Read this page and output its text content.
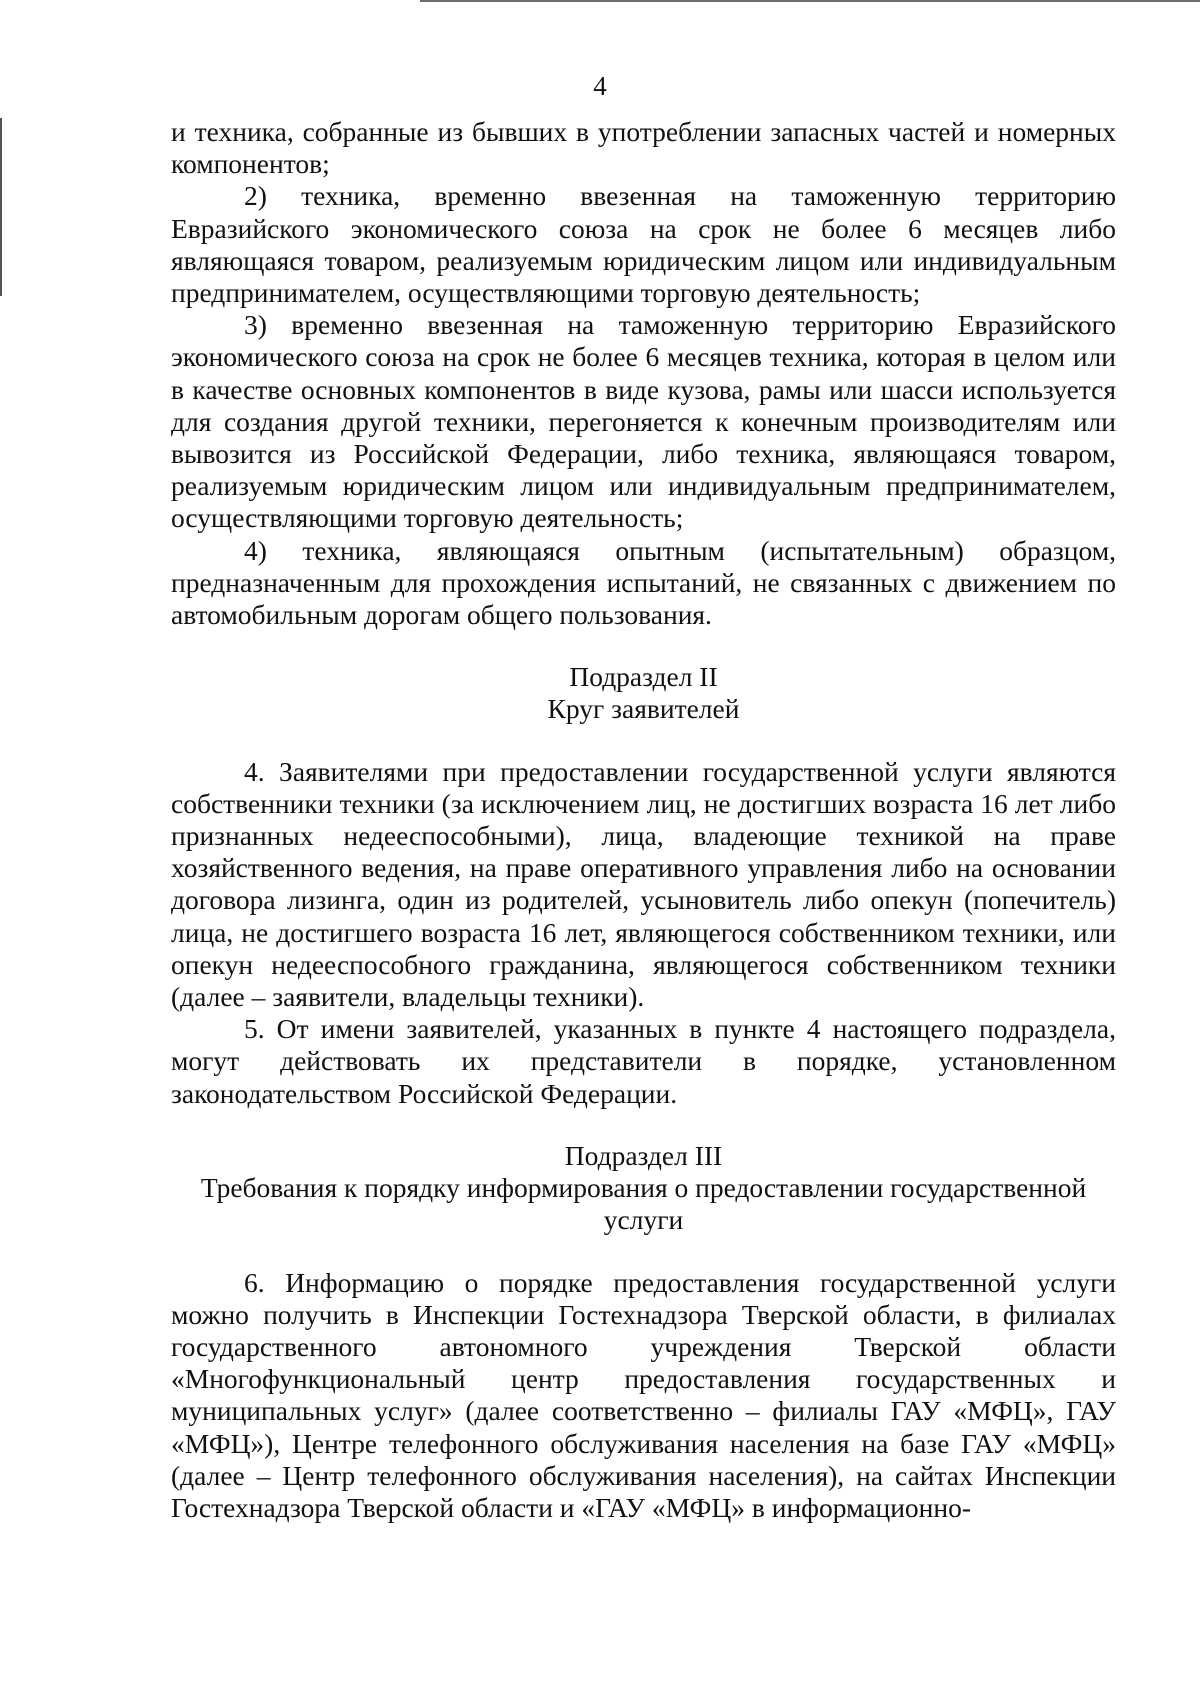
4

и техника, собранные из бывших в употреблении запасных частей и номерных компонентов;

2) техника, временно ввезенная на таможенную территорию Евразийского экономического союза на срок не более 6 месяцев либо являющаяся товаром, реализуемым юридическим лицом или индивидуальным предпринимателем, осуществляющими торговую деятельность;

3) временно ввезенная на таможенную территорию Евразийского экономического союза на срок не более 6 месяцев техника, которая в целом или в качестве основных компонентов в виде кузова, рамы или шасси используется для создания другой техники, перегоняется к конечным производителям или вывозится из Российской Федерации, либо техника, являющаяся товаром, реализуемым юридическим лицом или индивидуальным предпринимателем, осуществляющими торговую деятельность;

4) техника, являющаяся опытным (испытательным) образцом, предназначенным для прохождения испытаний, не связанных с движением по автомобильным дорогам общего пользования.

Подраздел II

Круг заявителей

4. Заявителями при предоставлении государственной услуги являются собственники техники (за исключением лиц, не достигших возраста 16 лет либо признанных недееспособными), лица, владеющие техникой на праве хозяйственного ведения, на праве оперативного управления либо на основании договора лизинга, один из родителей, усыновитель либо опекун (попечитель) лица, не достигшего возраста 16 лет, являющегося собственником техники, или опекун недееспособного гражданина, являющегося собственником техники (далее – заявители, владельцы техники).

5. От имени заявителей, указанных в пункте 4 настоящего подраздела, могут действовать их представители в порядке, установленном законодательством Российской Федерации.

Подраздел III

Требования к порядку информирования о предоставлении государственной услуги

6. Информацию о порядке предоставления государственной услуги можно получить в Инспекции Гостехнадзора Тверской области, в филиалах государственного автономного учреждения Тверской области «Многофункциональный центр предоставления государственных и муниципальных услуг» (далее соответственно – филиалы ГАУ «МФЦ», ГАУ «МФЦ»), Центре телефонного обслуживания населения на базе ГАУ «МФЦ» (далее – Центр телефонного обслуживания населения), на сайтах Инспекции Гостехнадзора Тверской области и «ГАУ «МФЦ» в информационно-
